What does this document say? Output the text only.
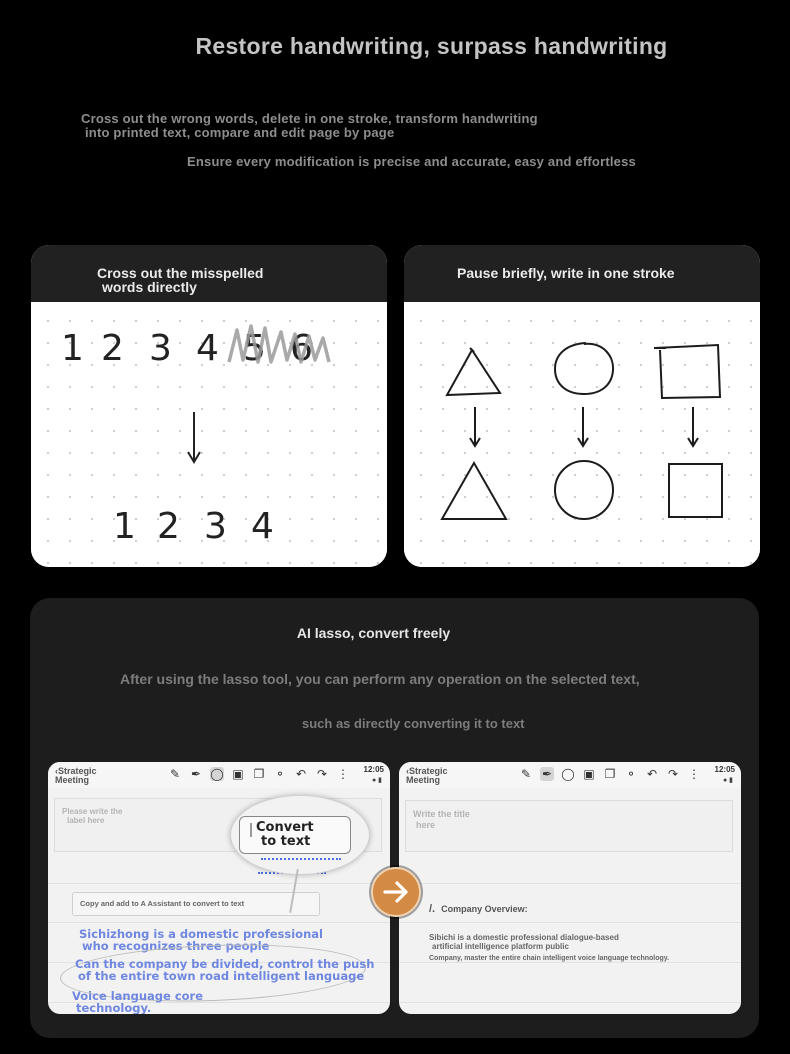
Restore handwriting, surpass handwriting
Cross out the wrong words, delete in one stroke, transform handwriting
into printed text, compare and edit page by page
Ensure every modification is precise and accurate, easy and effortless
Cross out the misspelled
words directly
1 2 3 4 5 6
1 2 3 4
Pause briefly, write in one stroke
AI lasso, convert freely
After using the lasso tool, you can perform any operation on the selected text,
such as directly converting it to text
‹Strategic
Meeting	✎ ✒ ◯ ▣ ❐ ⚬ ↶ ↷ ⋮ 12:05
● ▮
Please write the
label here
Copy and add to A Assistant to convert to text
Sichizhong is a domestic professional
who recognizes three people
Can the company be divided, control the push
of the entire town road intelligent language
Voice language core
technology.
Convert
to text
‹Strategic
Meeting	✎ ✒ ◯ ▣ ❐ ⚬ ↶ ↷ ⋮ 12:05
● ▮
Write the title
here
/. Company Overview:
Sibichi is a domestic professional dialogue-based
artificial intelligence platform public
Company, master the entire chain intelligent voice language technology.
